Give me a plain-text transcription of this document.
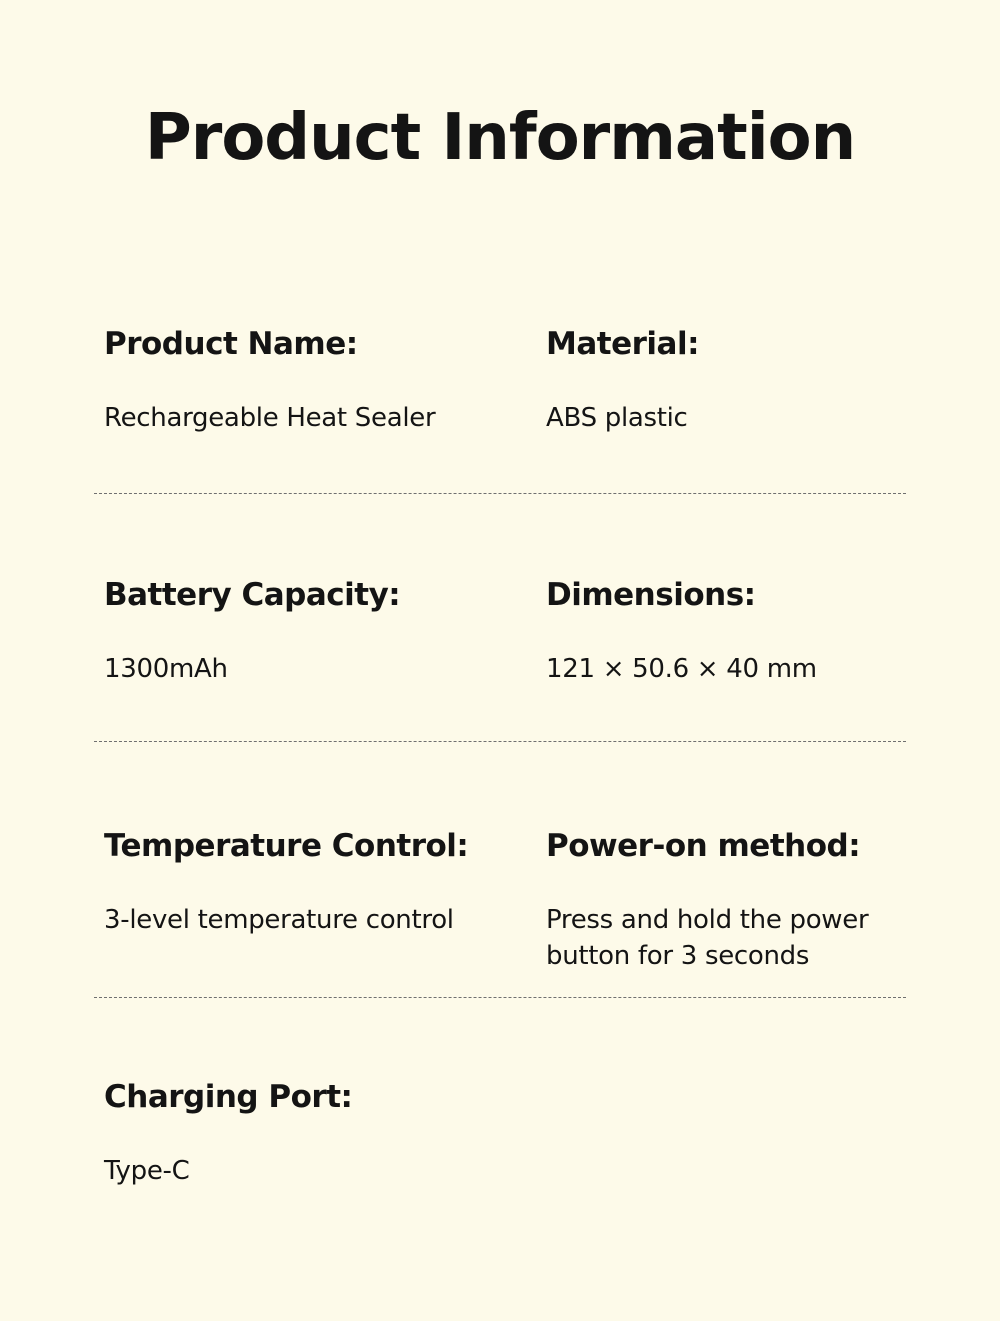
Product Information
Product Name:
Rechargeable Heat Sealer
Material:
ABS plastic
Battery Capacity:
1300mAh
Dimensions:
121 × 50.6 × 40 mm
Temperature Control:
3-level temperature control
Power-on method:
Press and hold the power button for 3 seconds
Charging Port:
Type-C
